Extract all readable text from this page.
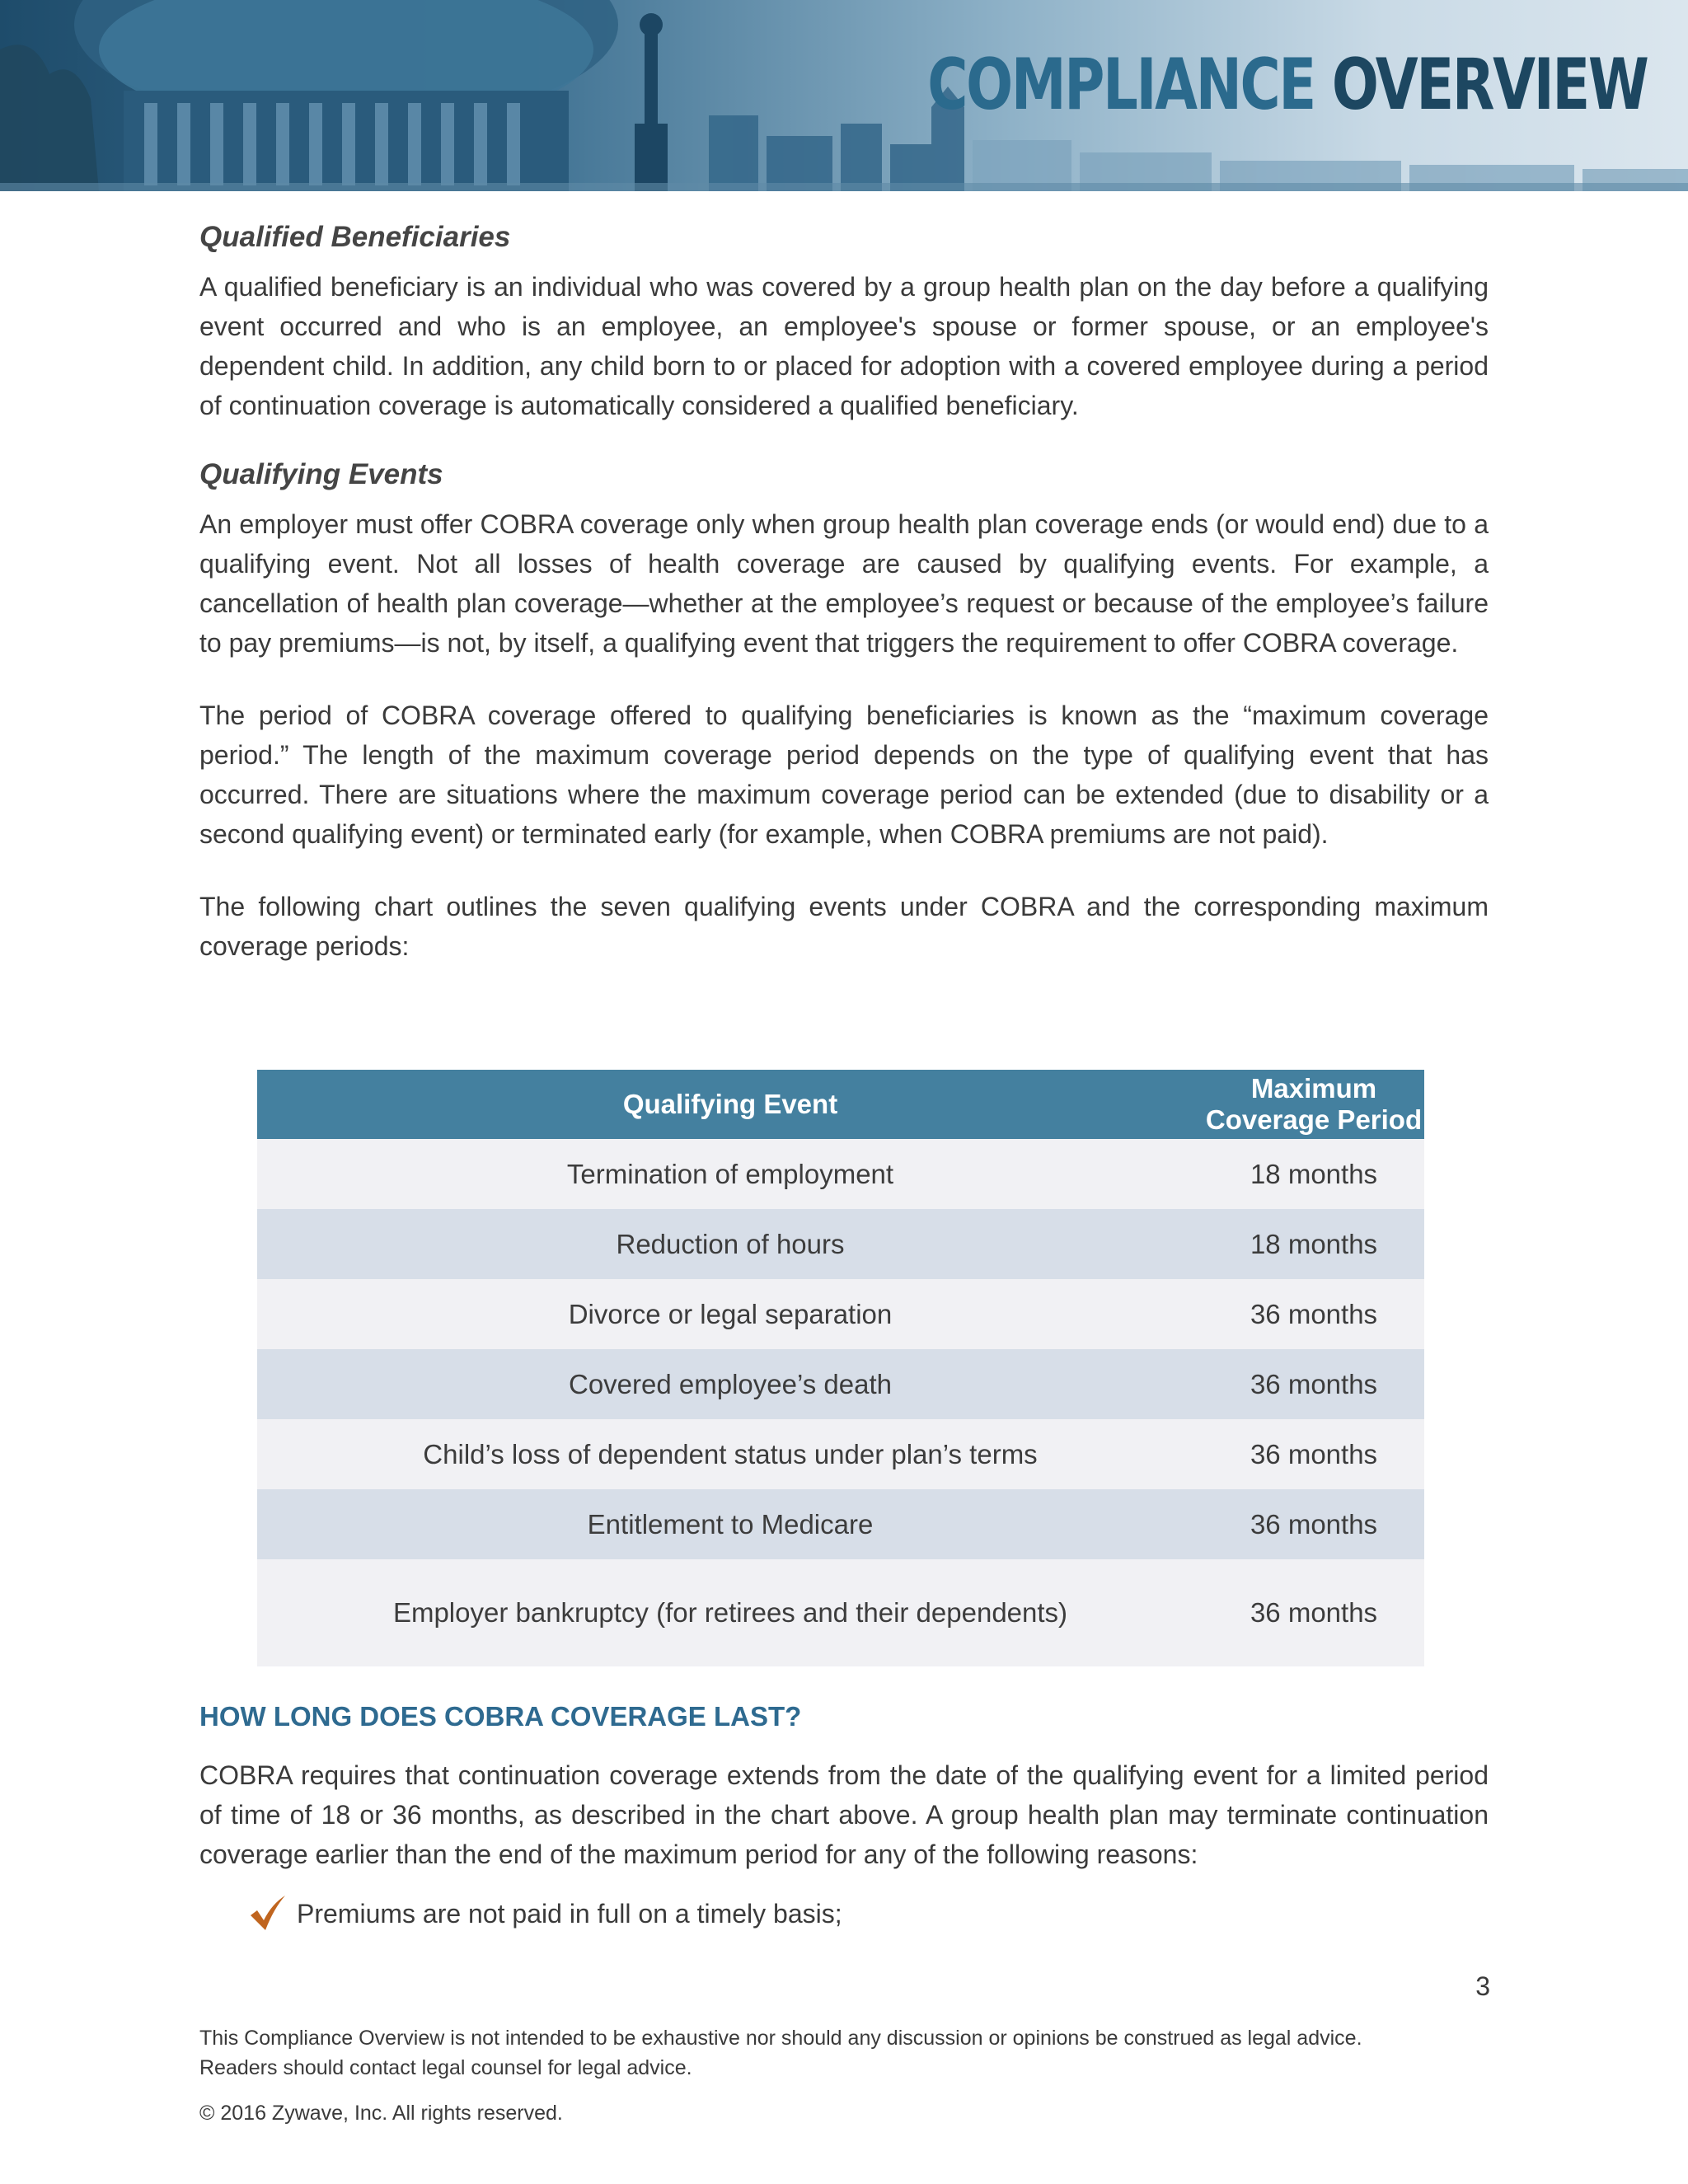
COMPLIANCE OVERVIEW
Qualified Beneficiaries

A qualified beneficiary is an individual who was covered by a group health plan on the day before a qualifying event occurred and who is an employee, an employee's spouse or former spouse, or an employee's dependent child. In addition, any child born to or placed for adoption with a covered employee during a period of continuation coverage is automatically considered a qualified beneficiary.

Qualifying Events

An employer must offer COBRA coverage only when group health plan coverage ends (or would end) due to a qualifying event. Not all losses of health coverage are caused by qualifying events. For example, a cancellation of health plan coverage—whether at the employee’s request or because of the employee’s failure to pay premiums—is not, by itself, a qualifying event that triggers the requirement to offer COBRA coverage.

The period of COBRA coverage offered to qualifying beneficiaries is known as the “maximum coverage period.” The length of the maximum coverage period depends on the type of qualifying event that has occurred. There are situations where the maximum coverage period can be extended (due to disability or a second qualifying event) or terminated early (for example, when COBRA premiums are not paid).

The following chart outlines the seven qualifying events under COBRA and the corresponding maximum coverage periods:

Qualifying Event	Maximum Coverage Period
Termination of employment	18 months
Reduction of hours	18 months
Divorce or legal separation	36 months
Covered employee’s death	36 months
Child’s loss of dependent status under plan’s terms	36 months
Entitlement to Medicare	36 months
Employer bankruptcy (for retirees and their dependents)	36 months
HOW LONG DOES COBRA COVERAGE LAST?

COBRA requires that continuation coverage extends from the date of the qualifying event for a limited period of time of 18 or 36 months, as described in the chart above. A group health plan may terminate continuation coverage earlier than the end of the maximum period for any of the following reasons:

Premiums are not paid in full on a timely basis;
3

This Compliance Overview is not intended to be exhaustive nor should any discussion or opinions be construed as legal advice.
Readers should contact legal counsel for legal advice.

© 2016 Zywave, Inc. All rights reserved.
